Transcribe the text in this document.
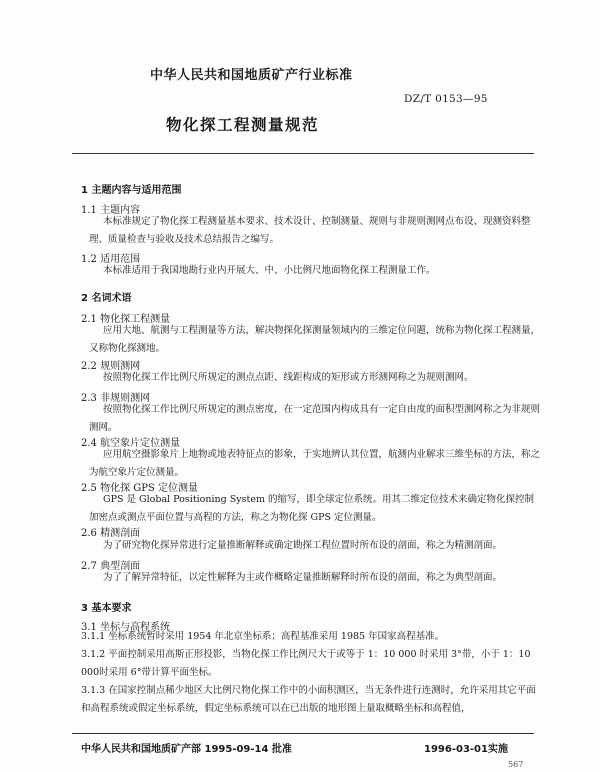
中华人民共和国地质矿产行业标准
DZ/T 0153—95
物化探工程测量规范
1 主题内容与适用范围
1.1 主题内容
本标准规定了物化探工程测量基本要求、技术设计、控制测量、规则与非规则测网点布设、现测资料整理、质量检查与验收及技术总结报告之编写。
1.2 适用范围
本标准适用于我国地勘行业内开展大、中、小比例尺地面物化探工程测量工作。
2 名词术语
2.1 物化探工程测量
应用大地、航测与工程测量等方法，解决物探化探测量领域内的三维定位问题，统称为物化探工程测量，又称物化探测地。
2.2 规则测网
按照物化探工作比例尺所规定的测点点距、线距构成的矩形或方形测网称之为规则测网。
2.3 非规则测网
按照物化探工作比例尺所规定的测点密度，在一定范围内构成具有一定自由度的面积型测网称之为非规则测网。
2.4 航空象片定位测量
应用航空摄影象片上地物或地表特征点的影象，于实地辨认其位置，航测内业解求三维坐标的方法，称之为航空象片定位测量。
2.5 物化探 GPS 定位测量
GPS 是 Global Positioning System 的缩写，即全球定位系统。用其二维定位技术来确定物化探控制加密点或测点平面位置与高程的方法，称之为物化探 GPS 定位测量。
2.6 精测剖面
为了研究物化探异常进行定量推断解释或确定勘探工程位置时所布设的剖面，称之为精测剖面。
2.7 典型剖面
为了了解异常特征，以定性解释为主或作概略定量推断解释时所布设的剖面，称之为典型剖面。
3 基本要求
3.1 坐标与高程系统
3.1.1 坐标系统暂时采用 1954 年北京坐标系；高程基准采用 1985 年国家高程基准。
3.1.2 平面控制采用高斯正形投影，当物化探工作比例尺大于或等于 1：10 000 时采用 3°带，小于 1：10 000时采用 6°带计算平面坐标。
3.1.3 在国家控制点稀少地区大比例尺物化探工作中的小面积测区，当无条件进行连测时，允许采用其它平面和高程系统或假定坐标系统，假定坐标系统可以在已出版的地形图上量取概略坐标和高程值，
中华人民共和国地质矿产部 1995-09-14 批准	1996-03-01实施
567
